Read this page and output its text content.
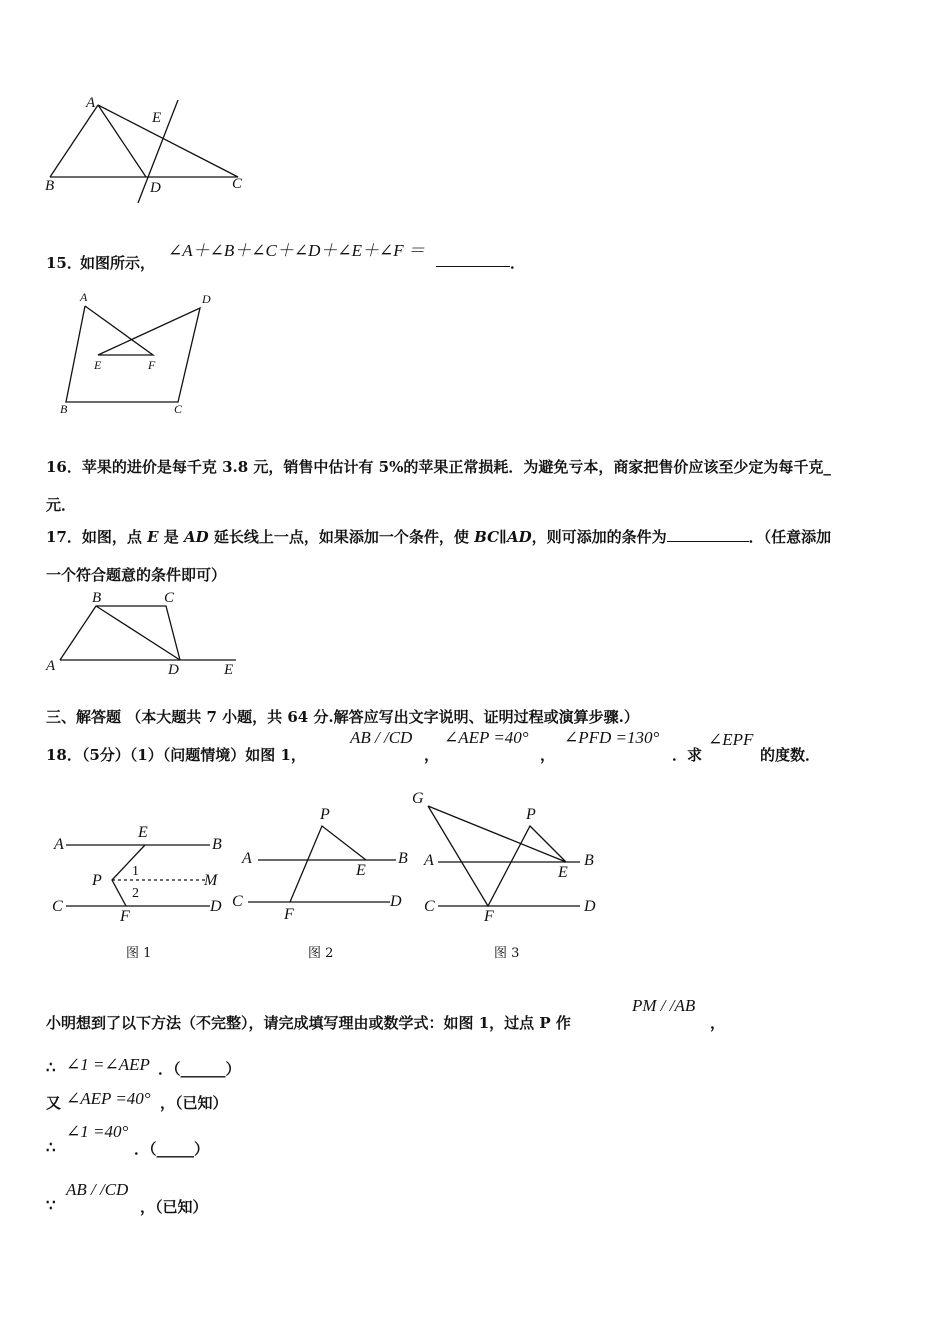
A
E
B	D	C
15．
如图所示，
∠A＋∠B＋∠C＋∠D＋∠E＋∠F ＝
．
A	D
E	F
B	C
16．苹果的进价是每千克 3.8 元，销售中估计有 5%的苹果正常损耗．为避免亏本，商家把售价应该至少定为每千克_
元．
17．如图，点 E 是 AD 延长线上一点，如果添加一个条件，使 BC∥AD，则可添加的条件为	．（任意添加
一个符合题意的条件即可）
B	C
A	D	E
三、解答题 （本大题共 7 小题，共 64 分.解答应写出文字说明、证明过程或演算步骤.）
18．（5分）（1）（问题情境）如图 1，
AB / /CD
，
∠AEP =40°
，
∠PFD =130°
．求
∠EPF
的度数．
A
E
B
P
1
M
2
C
F
D
图 1
P
A
E
B
C
F
D
图 2
G
P
A
E
B
C
F
D
图 3
小明想到了以下方法（不完整），请完成填写理由或数学式：如图 1，过点 P 作
PM / /AB
，
∴ ∠1 =∠AEP ．（______）
又 ∠AEP =40° ，（已知）
∴
∠1 =40°
．（_____）
∵
AB / /CD
，（已知）
